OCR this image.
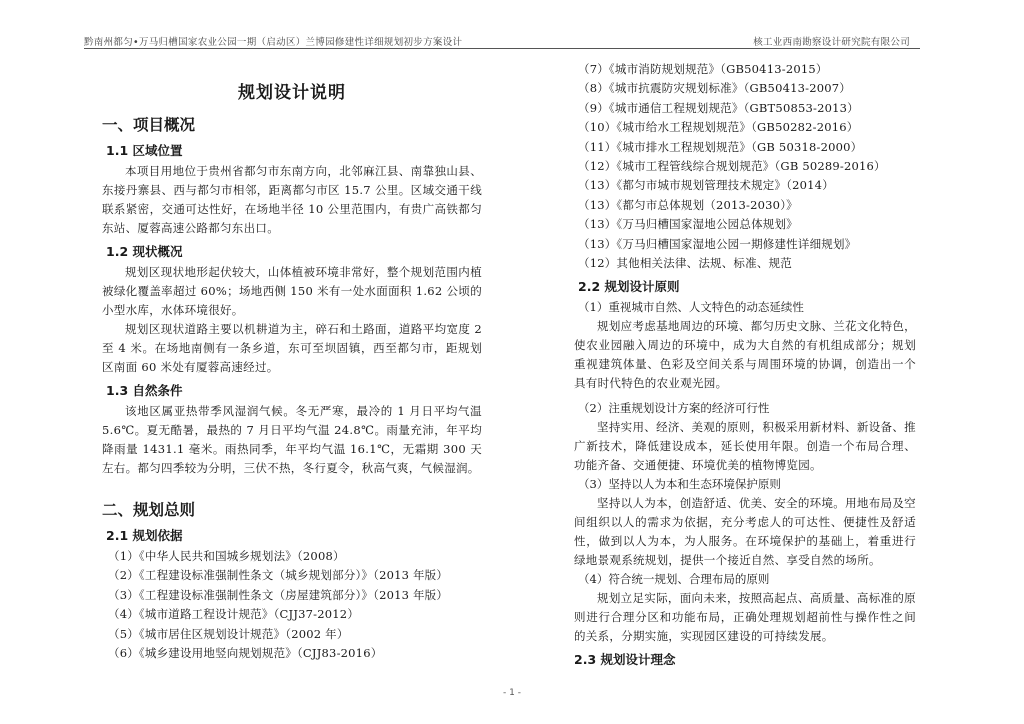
黔南州都匀•万马归槽国家农业公园一期（启动区）兰博园修建性详细规划初步方案设计	核工业西南勘察设计研究院有限公司
规划设计说明
一、项目概况
1.1 区域位置

本项目用地位于贵州省都匀市东南方向，北邻麻江县、南靠独山县、东接丹寨县、西与都匀市相邻，距离都匀市区 15.7 公里。区域交通干线联系紧密，交通可达性好，在场地半径 10 公里范围内，有贵广高铁都匀东站、厦蓉高速公路都匀东出口。

1.2 现状概况

规划区现状地形起伏较大，山体植被环境非常好，整个规划范围内植被绿化覆盖率超过 60%；场地西侧 150 米有一处水面面积 1.62 公顷的小型水库，水体环境很好。

规划区现状道路主要以机耕道为主，碎石和土路面，道路平均宽度 2至 4 米。在场地南侧有一条乡道，东可至坝固镇，西至都匀市，距规划区南面 60 米处有厦蓉高速经过。

1.3 自然条件

该地区属亚热带季风湿润气候。冬无严寒，最冷的 1 月日平均气温5.6℃。夏无酷暑，最热的 7 月日平均气温 24.8℃。雨量充沛，年平均降雨量 1431.1 毫米。雨热同季，年平均气温 16.1℃，无霜期 300 天左右。都匀四季较为分明，三伏不热，冬行夏令，秋高气爽，气候湿润。

二、规划总则
2.1 规划依据
（1）《中华人民共和国城乡规划法》（2008）
（2）《工程建设标准强制性条文（城乡规划部分）》（2013 年版）
（3）《工程建设标准强制性条文（房屋建筑部分）》（2013 年版）
（4）《城市道路工程设计规范》（CJJ37-2012）
（5）《城市居住区规划设计规范》（2002 年）
（6）《城乡建设用地竖向规划规范》（CJJ83-2016）
（7）《城市消防规划规范》（GB50413-2015）
（8）《城市抗震防灾规划标准》（GB50413-2007）
（9）《城市通信工程规划规范》（GBT50853-2013）
（10）《城市给水工程规划规范》（GB50282-2016）
（11）《城市排水工程规划规范》（GB 50318-2000）
（12）《城市工程管线综合规划规范》（GB 50289-2016）
（13）《都匀市城市规划管理技术规定》（2014）
（13）《都匀市总体规划（2013-2030）》
（13）《万马归槽国家湿地公园总体规划》
（13）《万马归槽国家湿地公园一期修建性详细规划》
（12）其他相关法律、法规、标准、规范
2.2 规划设计原则

（1）重视城市自然、人文特色的动态延续性

规划应考虑基地周边的环境、都匀历史文脉、兰花文化特色，使农业园融入周边的环境中，成为大自然的有机组成部分；规划重视建筑体量、色彩及空间关系与周围环境的协调，创造出一个具有时代特色的农业观光园。

（2）注重规划设计方案的经济可行性

坚持实用、经济、美观的原则，积极采用新材料、新设备、推广新技术，降低建设成本，延长使用年限。创造一个布局合理、功能齐备、交通便捷、环境优美的植物博览园。

（3）坚持以人为本和生态环境保护原则

坚持以人为本，创造舒适、优美、安全的环境。用地布局及空间组织以人的需求为依据，充分考虑人的可达性、便捷性及舒适性，做到以人为本，为人服务。在环境保护的基础上，着重进行绿地景观系统规划，提供一个接近自然、享受自然的场所。

（4）符合统一规划、合理布局的原则

规划立足实际，面向未来，按照高起点、高质量、高标准的原则进行合理分区和功能布局，正确处理规划超前性与操作性之间的关系，分期实施，实现园区建设的可持续发展。

2.3 规划设计理念
- 1 -
